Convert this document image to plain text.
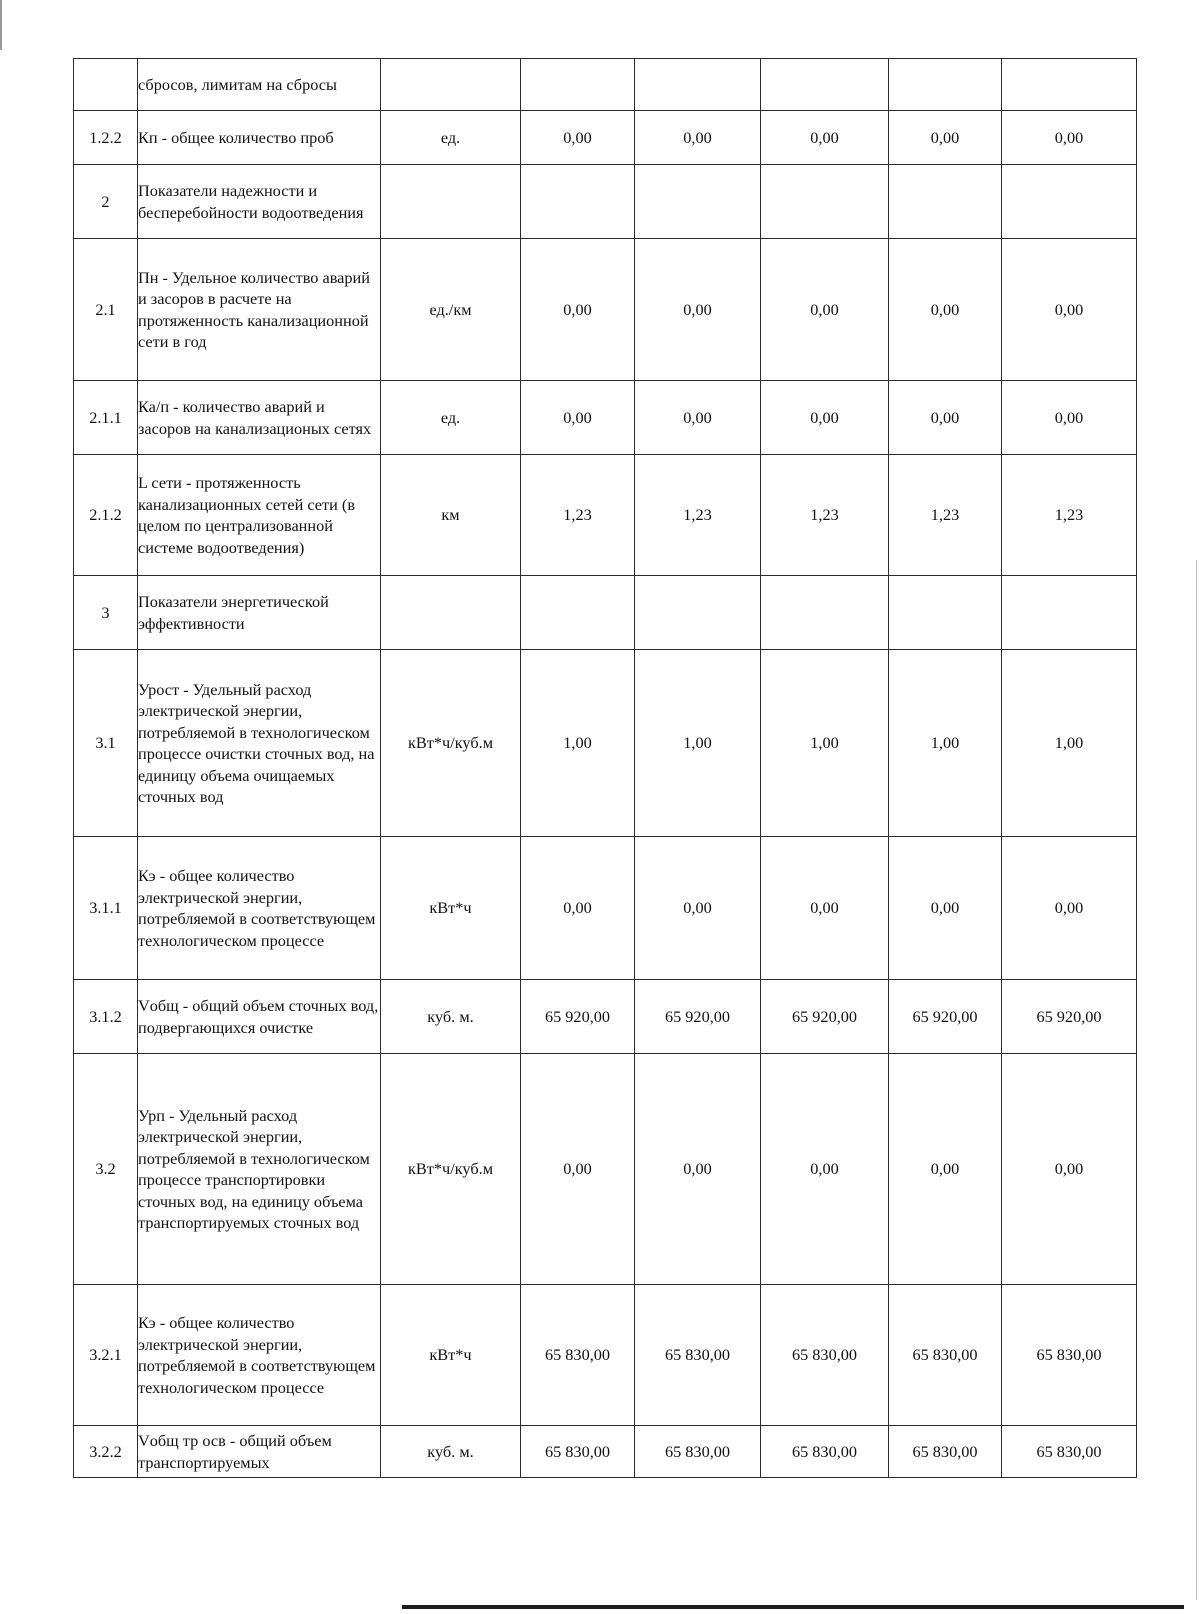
	сбросов, лимитам на сбросы						

1.2.2	Кп - общее количество проб	ед.	0,00	0,00	0,00	0,00	0,00
2	Показатели надежности и бесперебойности водоотведения						

2.1	Пн - Удельное количество аварий и засоров в расчете на протяженность канализационной сети в год	ед./км	0,00	0,00	0,00	0,00	0,00
2.1.1	Ка/п - количество аварий и засоров на канализационых сетях	ед.	0,00	0,00	0,00	0,00	0,00
2.1.2	L сети - протяженность канализационных сетей сети (в целом по централизованной системе водоотведения)	км	1,23	1,23	1,23	1,23	1,23
3	Показатели энергетической эффективности						

3.1	Урост - Удельный расход электрической энергии, потребляемой в технологическом процессе очистки сточных вод, на единицу объема очищаемых сточных вод	кВт*ч/куб.м	1,00	1,00	1,00	1,00	1,00
3.1.1	Кэ - общее количество электрической энергии, потребляемой в соответствующем технологическом процессе	кВт*ч	0,00	0,00	0,00	0,00	0,00
3.1.2	Vобщ - общий объем сточных вод, подвергающихся очистке	куб. м.	65 920,00	65 920,00	65 920,00	65 920,00	65 920,00
3.2	Урп - Удельный расход электрической энергии, потребляемой в технологическом процессе транспортировки сточных вод, на единицу объема транспортируемых сточных вод	кВт*ч/куб.м	0,00	0,00	0,00	0,00	0,00
3.2.1	Кэ - общее количество электрической энергии, потребляемой в соответствующем технологическом процессе	кВт*ч	65 830,00	65 830,00	65 830,00	65 830,00	65 830,00
3.2.2	Vобщ тр осв - общий объем транспортируемых	куб. м.	65 830,00	65 830,00	65 830,00	65 830,00	65 830,00
